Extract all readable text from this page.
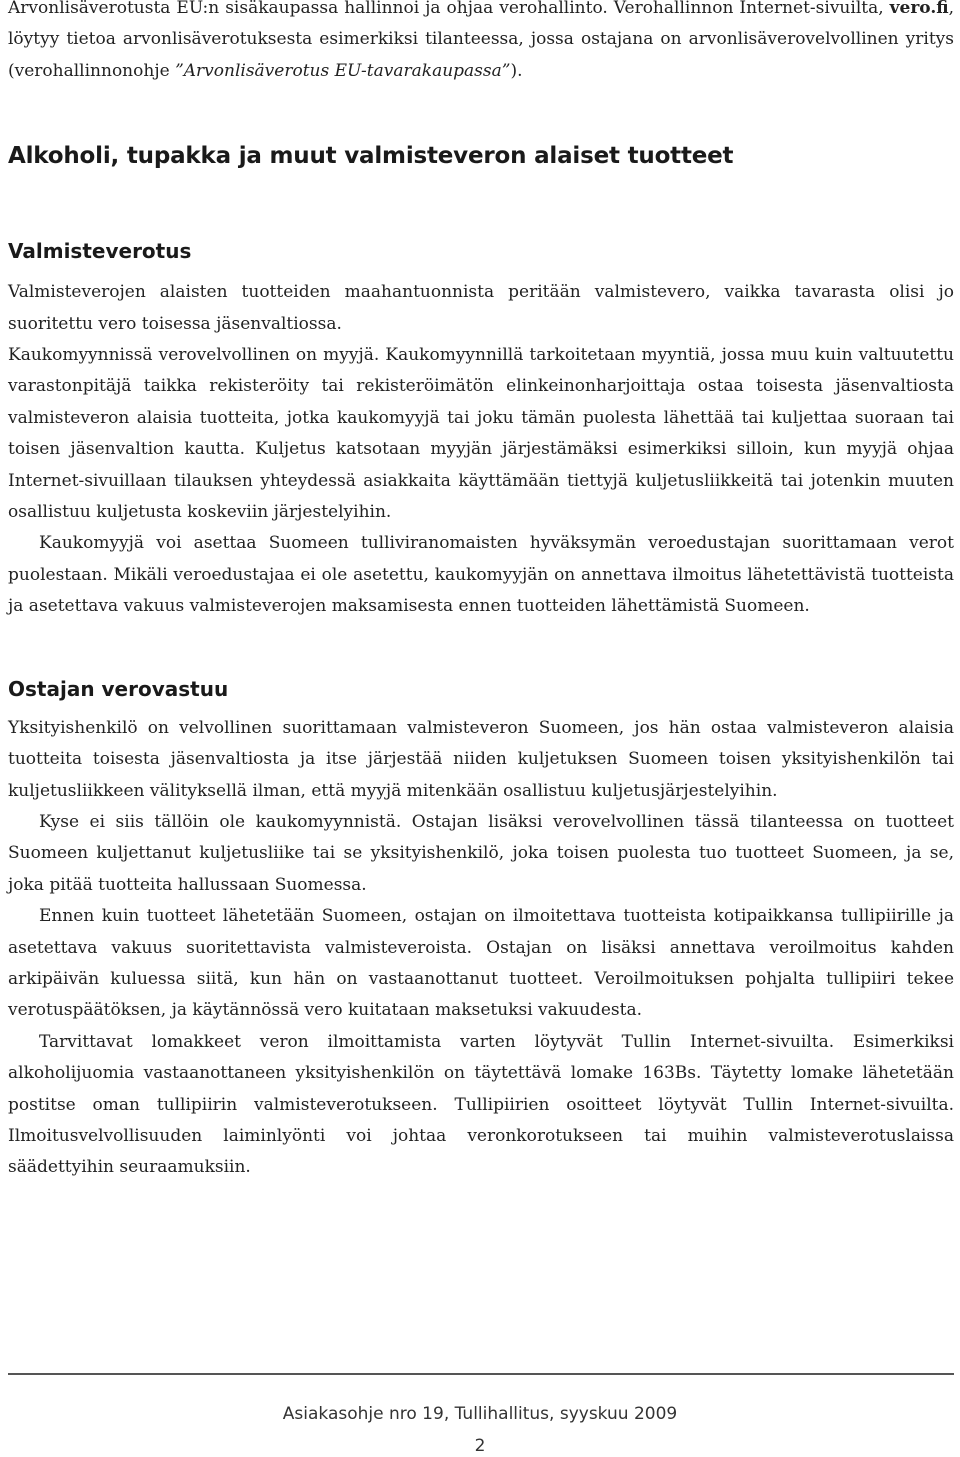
Arvonlisäverotusta EU:n sisäkaupassa hallinnoi ja ohjaa verohallinto. Verohallinnon Internet-sivuilta, vero.fi, löytyy tietoa arvonlisäverotuksesta esimerkiksi tilanteessa, jossa ostajana on arvonlisäverovelvollinen yritys (verohallinnonohje ”Arvonlisäverotus EU-tavarakaupassa”).

Alkoholi, tupakka ja muut valmisteveron alaiset tuotteet
Valmisteverotus

Valmisteverojen alaisten tuotteiden maahantuonnista peritään valmistevero, vaikka tavarasta olisi jo suoritettu vero toisessa jäsenvaltiossa.

Kaukomyynnissä verovelvollinen on myyjä. Kaukomyynnillä tarkoitetaan myyntiä, jossa muu kuin valtuutettu varastonpitäjä taikka rekisteröity tai rekisteröimätön elinkeinonharjoittaja ostaa toisesta jäsenvaltiosta valmisteveron alaisia tuotteita, jotka kaukomyyjä tai joku tämän puolesta lähettää tai kuljettaa suoraan tai toisen jäsenvaltion kautta. Kuljetus katsotaan myyjän järjestämäksi esimerkiksi silloin, kun myyjä ohjaa Internet-sivuillaan tilauksen yhteydessä asiakkaita käyttämään tiettyjä kuljetusliikkeitä tai jotenkin muuten osallistuu kuljetusta koskeviin järjestelyihin.

Kaukomyyjä voi asettaa Suomeen tulliviranomaisten hyväksymän veroedustajan suorittamaan verot puolestaan. Mikäli veroedustajaa ei ole asetettu, kaukomyyjän on annettava ilmoitus lähetettävistä tuotteista ja asetettava vakuus valmisteverojen maksamisesta ennen tuotteiden lähettämistä Suomeen.

Ostajan verovastuu

Yksityishenkilö on velvollinen suorittamaan valmisteveron Suomeen, jos hän ostaa valmisteveron alaisia tuotteita toisesta jäsenvaltiosta ja itse järjestää niiden kuljetuksen Suomeen toisen yksityishenkilön tai kuljetusliikkeen välityksellä ilman, että myyjä mitenkään osallistuu kuljetusjärjestelyihin.

Kyse ei siis tällöin ole kaukomyynnistä. Ostajan lisäksi verovelvollinen tässä tilanteessa on tuotteet Suomeen kuljettanut kuljetusliike tai se yksityishenkilö, joka toisen puolesta tuo tuotteet Suomeen, ja se, joka pitää tuotteita hallussaan Suomessa.

Ennen kuin tuotteet lähetetään Suomeen, ostajan on ilmoitettava tuotteista kotipaikkansa tullipiirille ja asetettava vakuus suoritettavista valmisteveroista. Ostajan on lisäksi annettava veroilmoitus kahden arkipäivän kuluessa siitä, kun hän on vastaanottanut tuotteet. Veroilmoituksen pohjalta tullipiiri tekee verotuspäätöksen, ja käytännössä vero kuitataan maksetuksi vakuudesta.

Tarvittavat lomakkeet veron ilmoittamista varten löytyvät Tullin Internet-sivuilta. Esimerkiksi alkoholijuomia vastaanottaneen yksityishenkilön on täytettävä lomake 163Bs. Täytetty lomake lähetetään postitse oman tullipiirin valmisteverotukseen. Tullipiirien osoitteet löytyvät Tullin Internet-sivuilta. Ilmoitusvelvollisuuden laiminlyönti voi johtaa veronkorotukseen tai muihin valmisteverotuslaissa säädettyihin seuraamuksiin.

Asiakasohje nro 19, Tullihallitus, syyskuu 2009
2
